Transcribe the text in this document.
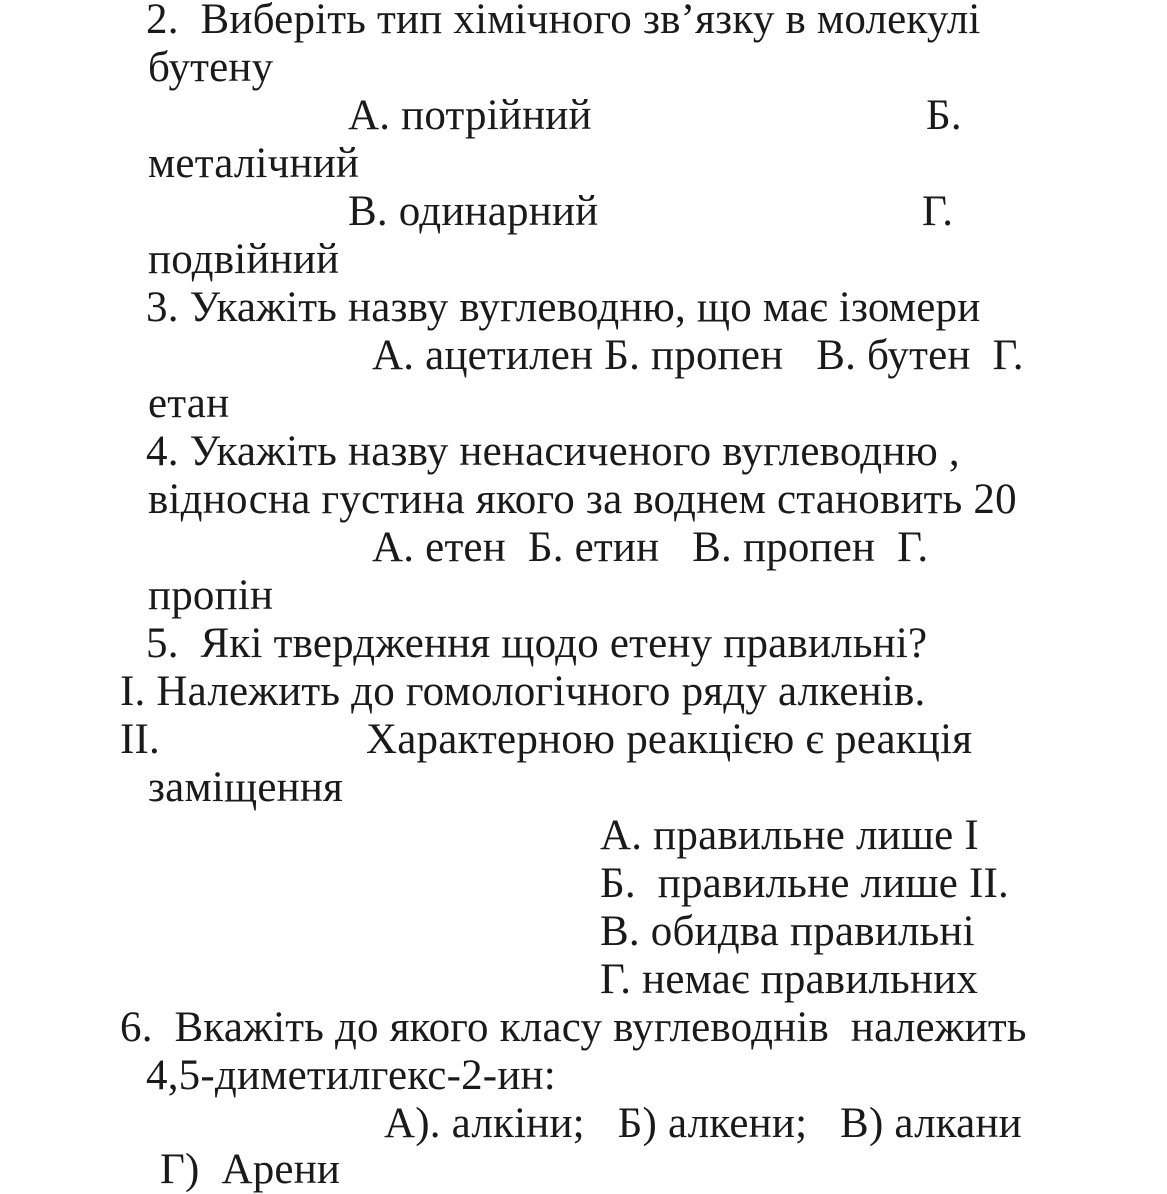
2.  Виберіть тип хімічного зв’язку в молекулі
бутену
А. потрійний	Б.
металічний
В. одинарний	Г.
подвійний
3. Укажіть назву вуглеводню, що має ізомери
А. ацетилен Б. пропен   В. бутен  Г.
етан
4. Укажіть назву ненасиченого вуглеводню ,
відносна густина якого за воднем становить 20
А. етен  Б. етин   В. пропен  Г.
пропін
5.  Які твердження щодо етену правильні?
І. Належить до гомологічного ряду алкенів.
ІІ.	Характерною реакцією є реакція
заміщення
А. правильне лише І
Б.  правильне лише ІІ.
В. обидва правильні
Г. немає правильних
6.  Вкажіть до якого класу вуглеводнів  належить
4,5-диметилгекс-2-ин:
А). алкіни;   Б) алкени;   В) алкани
Г)  Арени
